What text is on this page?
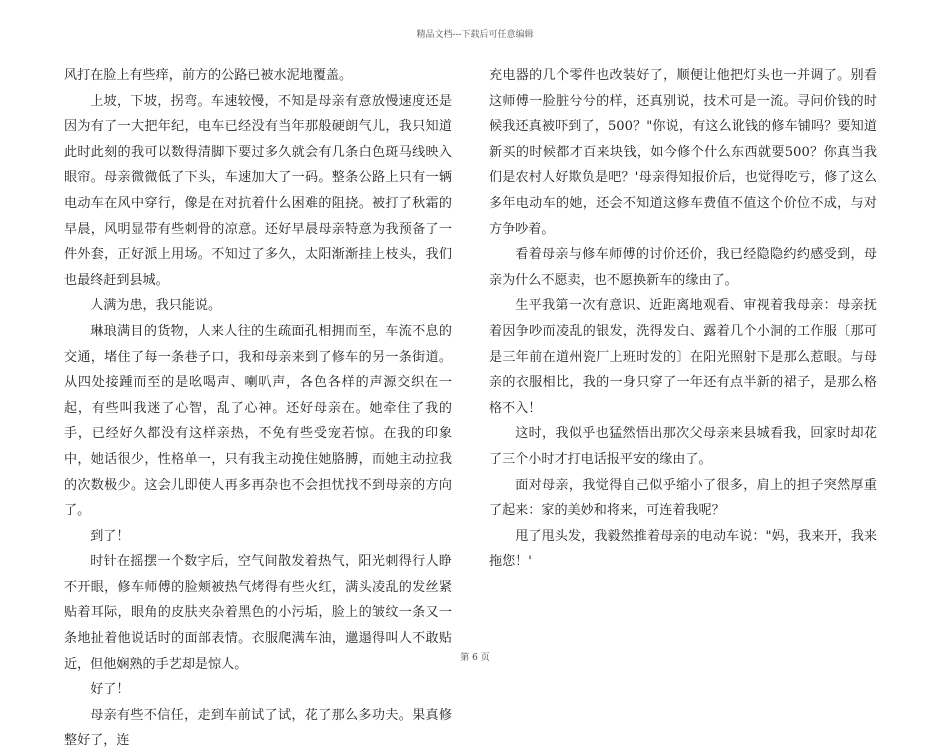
精品文档---下载后可任意编辑

风打在脸上有些痒，前方的公路已被水泥地覆盖。

上坡，下坡，拐弯。车速较慢，不知是母亲有意放慢速度还是因为有了一大把年纪，电车已经没有当年那般硬朗气儿，我只知道此时此刻的我可以数得清脚下要过多久就会有几条白色斑马线映入眼帘。母亲微微低了下头，车速加大了一码。整条公路上只有一辆电动车在风中穿行，像是在对抗着什么困难的阻挠。被打了秋霜的早晨，风明显带有些刺骨的凉意。还好早晨母亲特意为我预备了一件外套，正好派上用场。不知过了多久，太阳渐渐挂上枝头，我们也最终赶到县城。

人满为患，我只能说。

琳琅满目的货物，人来人往的生疏面孔相拥而至，车流不息的交通，堵住了每一条巷子口，我和母亲来到了修车的另一条街道。从四处接踵而至的是吆喝声、喇叭声，各色各样的声源交织在一起，有些叫我迷了心智，乱了心神。还好母亲在。她牵住了我的手，已经好久都没有这样亲热，不免有些受宠若惊。在我的印象中，她话很少，性格单一，只有我主动挽住她胳膊，而她主动拉我的次数极少。这会儿即使人再多再杂也不会担忧找不到母亲的方向了。

到了！

时针在摇摆一个数字后，空气间散发着热气，阳光刺得行人睁不开眼，修车师傅的脸颊被热气烤得有些火红，满头凌乱的发丝紧贴着耳际，眼角的皮肤夹杂着黑色的小污垢，脸上的皱纹一条又一条地扯着他说话时的面部表情。衣服爬满车油，邋遢得叫人不敢贴近，但他娴熟的手艺却是惊人。

好了！

母亲有些不信任，走到车前试了试，花了那么多功夫。果真修整好了，连

充电器的几个零件也改装好了，顺便让他把灯头也一并调了。别看这师傅一脸脏兮兮的样，还真别说，技术可是一流。寻问价钱的时候我还真被吓到了，500？"你说，有这么讹钱的修车铺吗？要知道新买的时候都才百来块钱，如今修个什么东西就要500？你真当我们是农村人好欺负是吧？'母亲得知报价后，也觉得吃亏，修了这么多年电动车的她，还会不知道这修车费值不值这个价位不成，与对方争吵着。

看着母亲与修车师傅的讨价还价，我已经隐隐约约感受到，母亲为什么不愿卖，也不愿换新车的缘由了。

生平我第一次有意识、近距离地观看、审视着我母亲：母亲抚着因争吵而凌乱的银发，洗得发白、露着几个小洞的工作服〔那可是三年前在道州瓷厂上班时发的〕在阳光照射下是那么惹眼。与母亲的衣服相比，我的一身只穿了一年还有点半新的裙子，是那么格格不入！

这时，我似乎也猛然悟出那次父母亲来县城看我，回家时却花了三个小时才打电话报平安的缘由了。

面对母亲，我觉得自己似乎缩小了很多，肩上的担子突然厚重了起来：家的美妙和将来，可连着我呢？

甩了甩头发，我毅然推着母亲的电动车说："妈，我来开，我来拖您！'

第 6 页
